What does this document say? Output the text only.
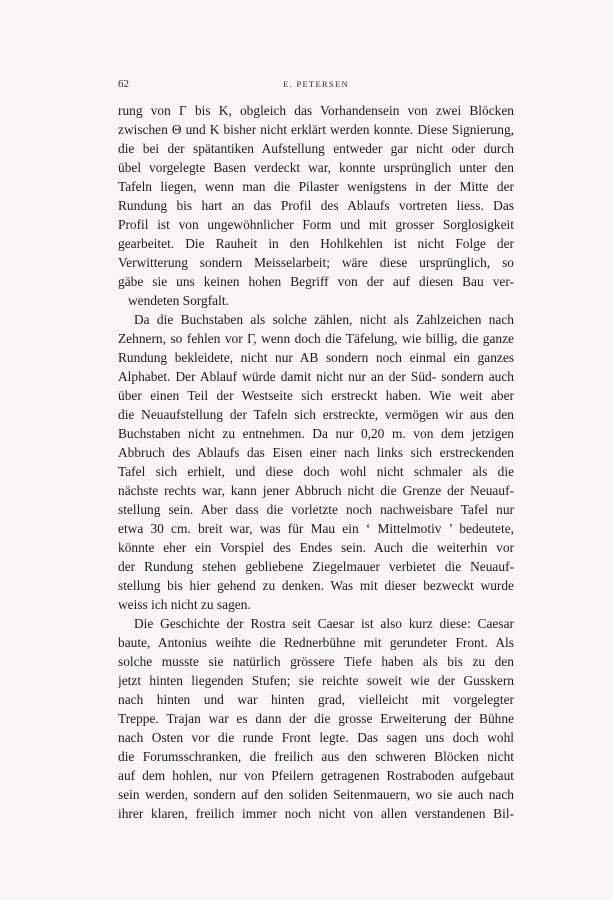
62	E. PETERSEN
rung von Γ bis K, obgleich das Vorhandensein von zwei Blöcken
zwischen Θ und K bisher nicht erklärt werden konnte. Diese Signierung,
die bei der spätantiken Aufstellung entweder gar nicht oder durch
übel vorgelegte Basen verdeckt war, konnte ursprünglich unter den
Tafeln liegen, wenn man die Pilaster wenigstens in der Mitte der
Rundung bis hart an das Profil des Ablaufs vortreten liess. Das
Profil ist von ungewöhnlicher Form und mit grosser Sorglosigkeit
gearbeitet. Die Rauheit in den Hohlkehlen ist nicht Folge der
Verwitterung sondern Meisselarbeit; wäre diese ursprünglich, so
gäbe sie uns keinen hohen Begriff von der auf diesen Bau ver-
wendeten Sorgfalt.
Da die Buchstaben als solche zählen, nicht als Zahlzeichen nach
Zehnern, so fehlen vor Γ, wenn doch die Täfelung, wie billig, die ganze
Rundung bekleidete, nicht nur AB sondern noch einmal ein ganzes
Alphabet. Der Ablauf würde damit nicht nur an der Süd- sondern auch
über einen Teil der Westseite sich erstreckt haben. Wie weit aber
die Neuaufstellung der Tafeln sich erstreckte, vermögen wir aus den
Buchstaben nicht zu entnehmen. Da nur 0,20 m. von dem jetzigen
Abbruch des Ablaufs das Eisen einer nach links sich erstreckenden
Tafel sich erhielt, und diese doch wohl nicht schmaler als die
nächste rechts war, kann jener Abbruch nicht die Grenze der Neuauf-
stellung sein. Aber dass die vorletzte noch nachweisbare Tafel nur
etwa 30 cm. breit war, was für Mau ein ‘ Mittelmotiv ’ bedeutete,
könnte eher ein Vorspiel des Endes sein. Auch die weiterhin vor
der Rundung stehen gebliebene Ziegelmauer verbietet die Neuauf-
stellung bis hier gehend zu denken. Was mit dieser bezweckt wurde
weiss ich nicht zu sagen.
Die Geschichte der Rostra seit Caesar ist also kurz diese: Caesar
baute, Antonius weihte die Rednerbühne mit gerundeter Front. Als
solche musste sie natürlich grössere Tiefe haben als bis zu den
jetzt hinten liegenden Stufen; sie reichte soweit wie der Gusskern
nach hinten und war hinten grad, vielleicht mit vorgelegter
Treppe. Trajan war es dann der die grosse Erweiterung der Bühne
nach Osten vor die runde Front legte. Das sagen uns doch wohl
die Forumsschranken, die freilich aus den schweren Blöcken nicht
auf dem hohlen, nur von Pfeilern getragenen Rostraboden aufgebaut
sein werden, sondern auf den soliden Seitenmauern, wo sie auch nach
ihrer klaren, freilich immer noch nicht von allen verstandenen Bil-
